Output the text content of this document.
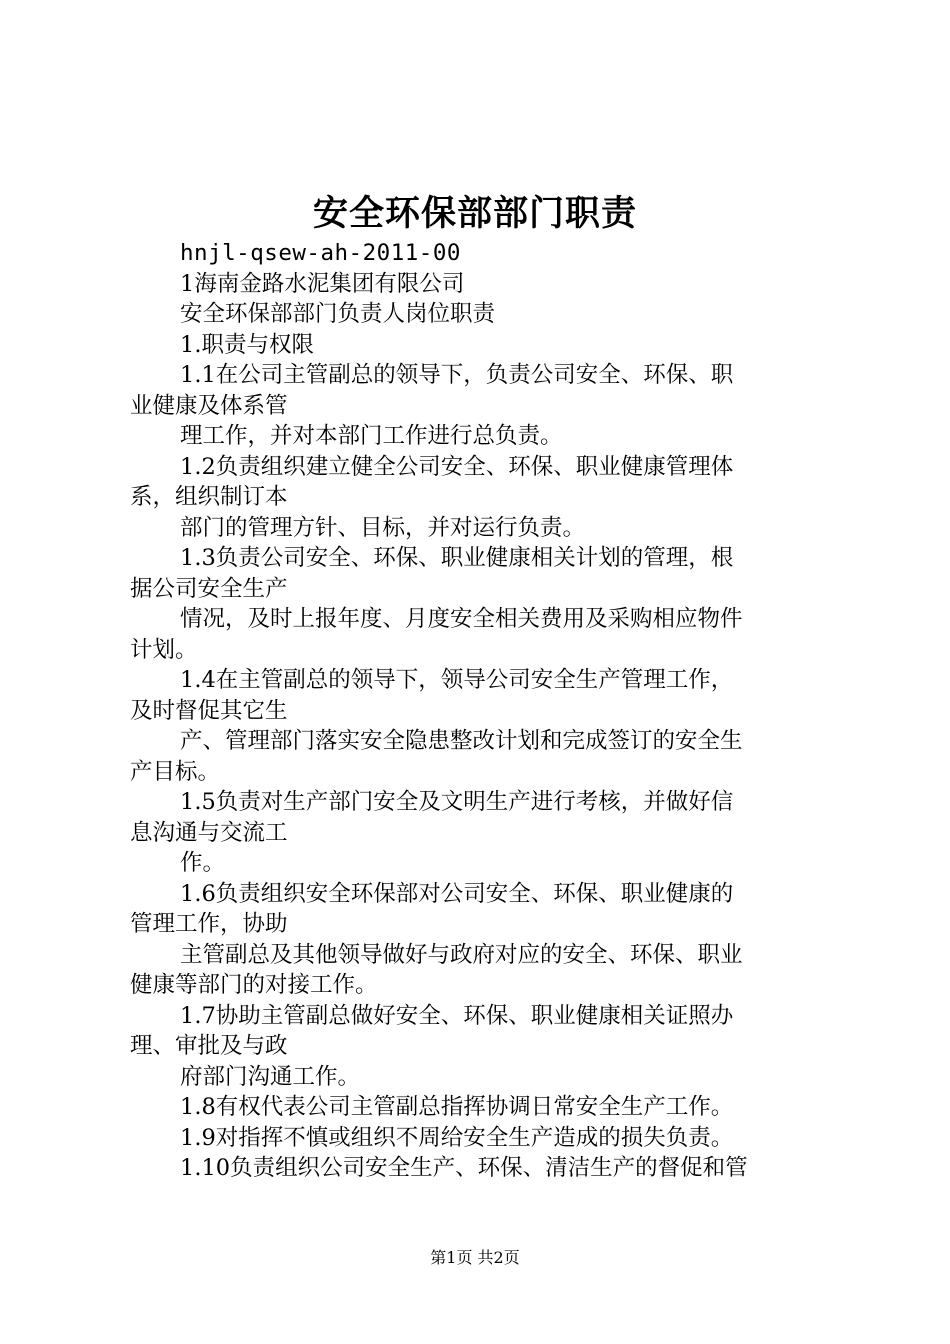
安全环保部部门职责
hnjl-qsew-ah-2011-00
1海南金路水泥集团有限公司
安全环保部部门负责人岗位职责
1.职责与权限
1.1在公司主管副总的领导下，负责公司安全、环保、职
业健康及体系管
理工作，并对本部门工作进行总负责。
1.2负责组织建立健全公司安全、环保、职业健康管理体
系，组织制订本
部门的管理方针、目标，并对运行负责。
1.3负责公司安全、环保、职业健康相关计划的管理，根
据公司安全生产
情况，及时上报年度、月度安全相关费用及采购相应物件
计划。
1.4在主管副总的领导下，领导公司安全生产管理工作，
及时督促其它生
产、管理部门落实安全隐患整改计划和完成签订的安全生
产目标。
1.5负责对生产部门安全及文明生产进行考核，并做好信
息沟通与交流工
作。
1.6负责组织安全环保部对公司安全、环保、职业健康的
管理工作，协助
主管副总及其他领导做好与政府对应的安全、环保、职业
健康等部门的对接工作。
1.7协助主管副总做好安全、环保、职业健康相关证照办
理、审批及与政
府部门沟通工作。
1.8有权代表公司主管副总指挥协调日常安全生产工作。
1.9对指挥不慎或组织不周给安全生产造成的损失负责。
1.10负责组织公司安全生产、环保、清洁生产的督促和管
第1页 共2页
